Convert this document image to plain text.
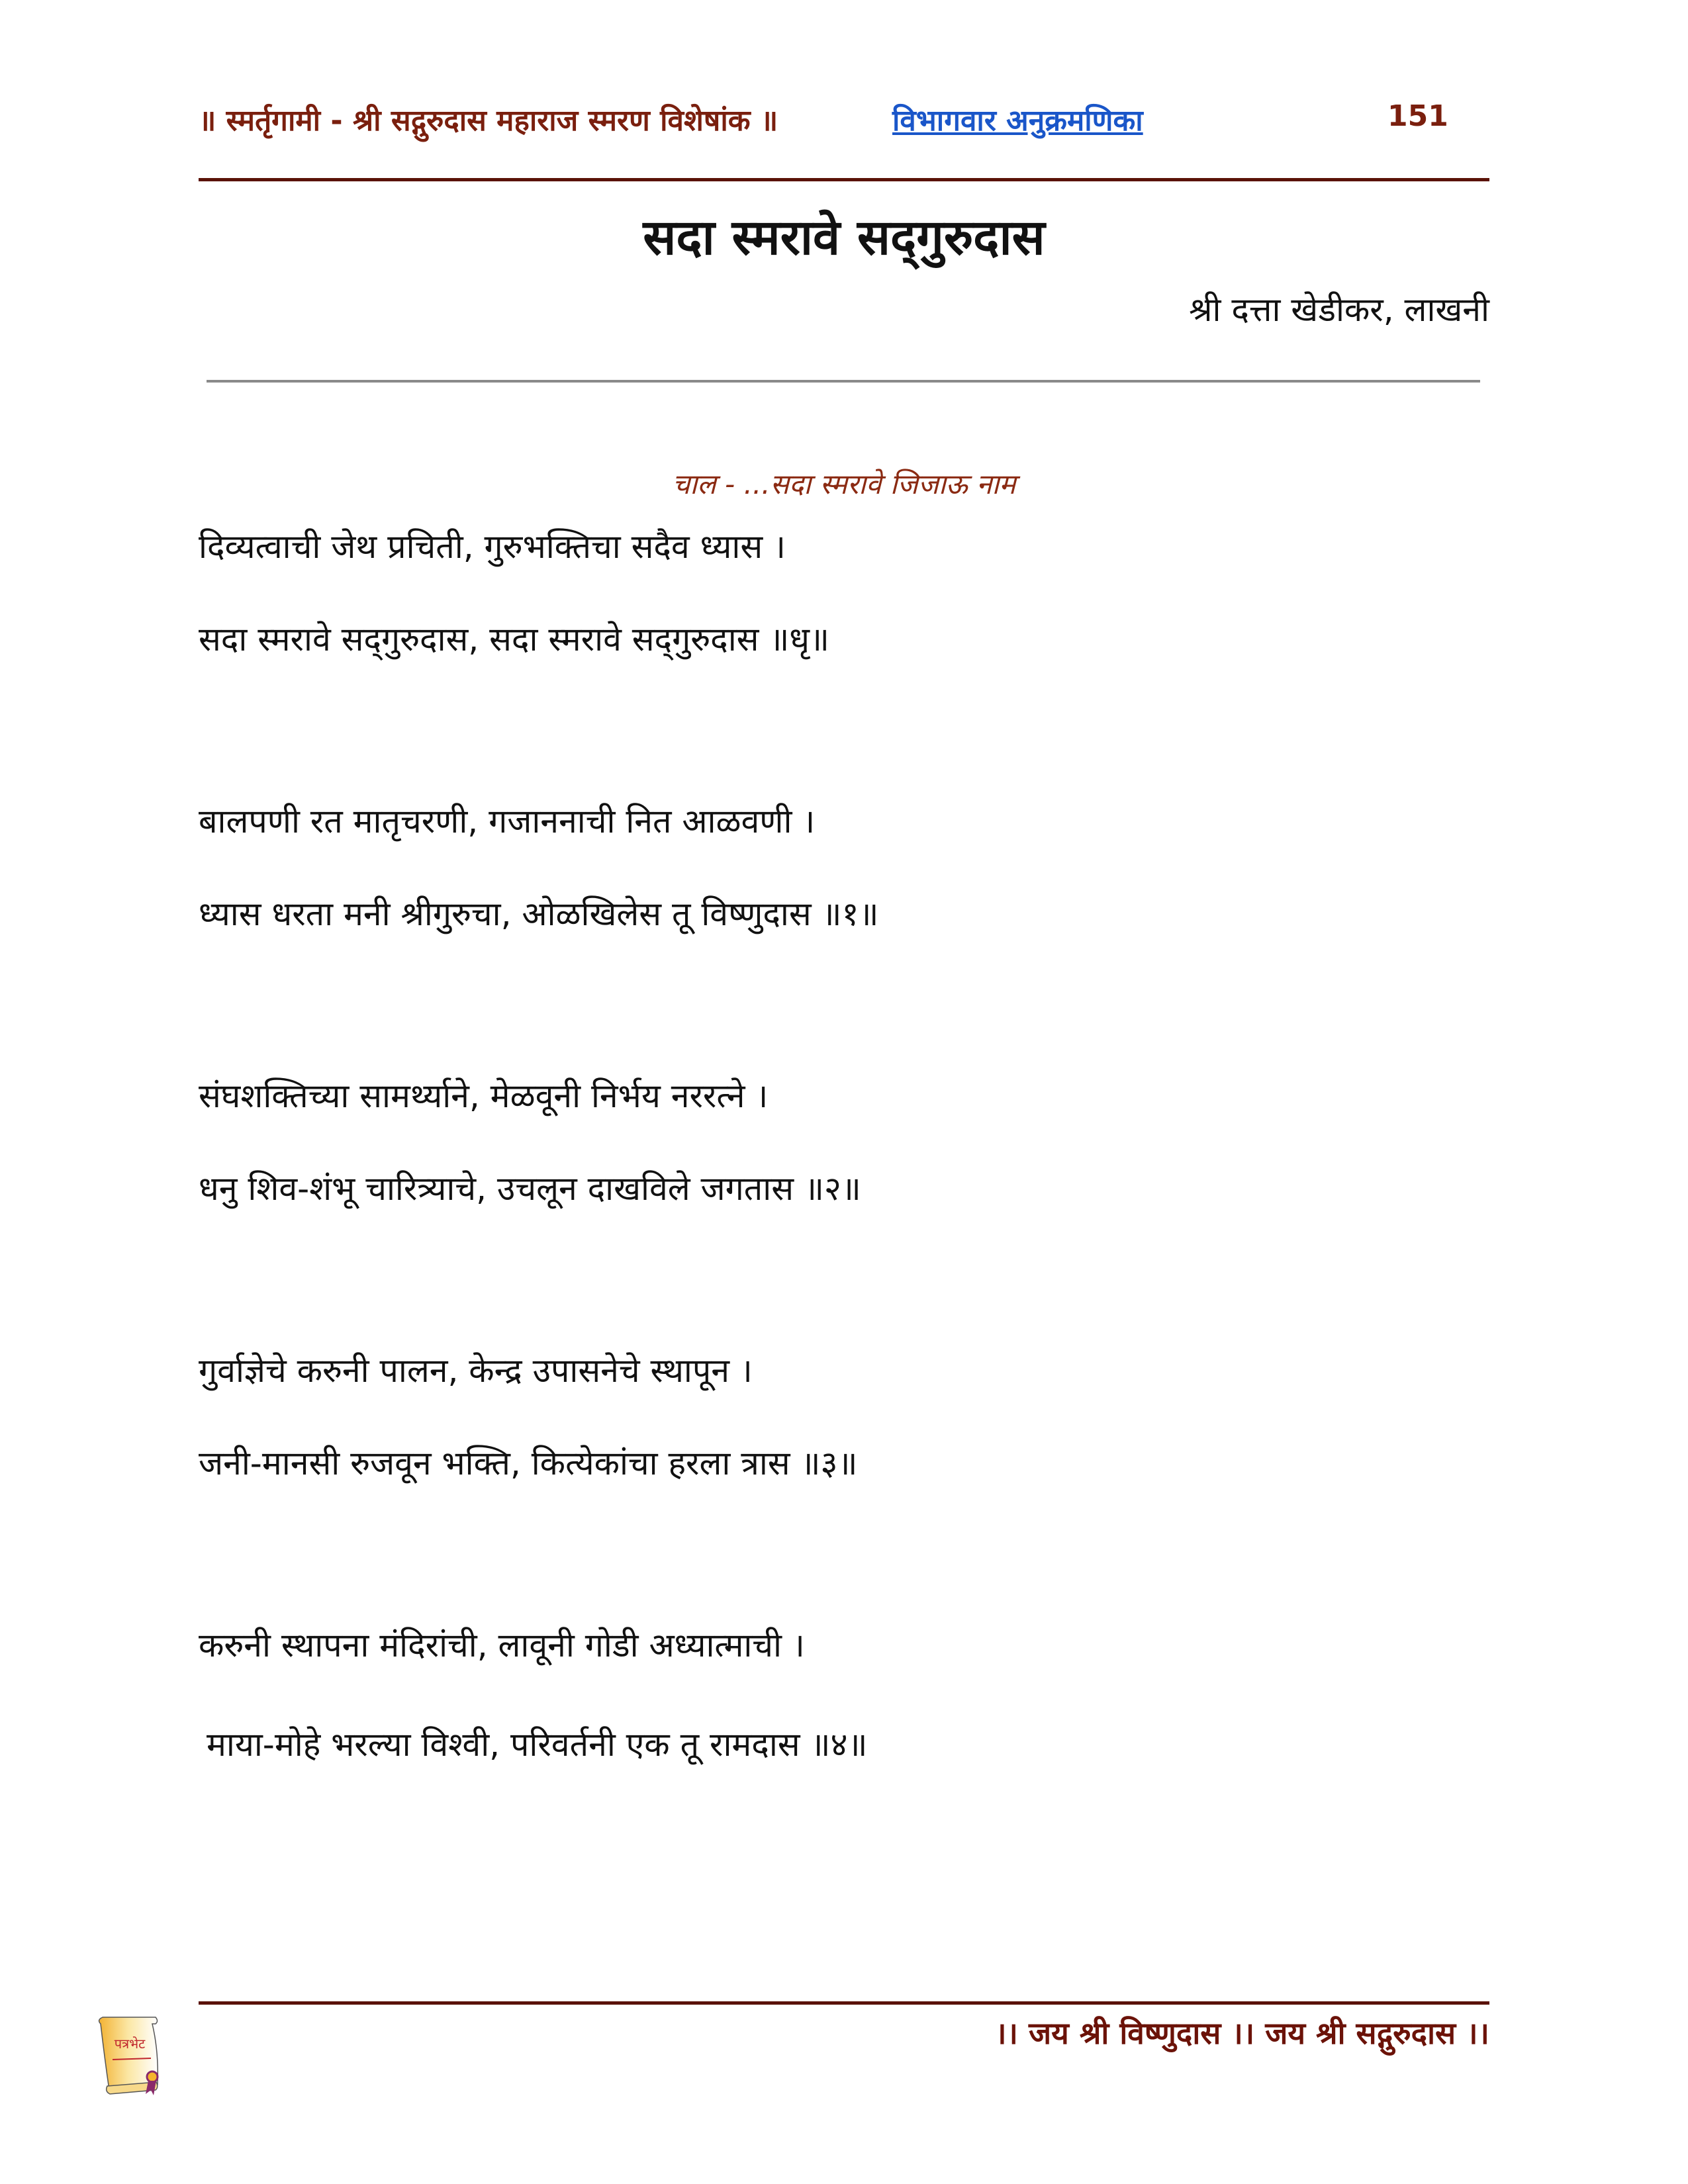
॥ स्मर्तृगामी - श्री सद्गुरुदास महाराज स्मरण विशेषांक ॥	विभागवार अनुक्रमणिका	151
सदा स्मरावे सद्‍गुरुदास
श्री दत्ता खेडीकर, लाखनी
चाल - ...सदा स्मरावे जिजाऊ नाम
दिव्यत्वाची जेथ प्रचिती, गुरुभक्तिचा सदैव ध्यास ।
सदा स्मरावे सद्‍गुरुदास, सदा स्मरावे सद्‍गुरुदास ॥धृ॥
बालपणी रत मातृचरणी, गजाननाची नित आळवणी ।
ध्यास धरता मनी श्रीगुरुचा, ओळखिलेस तू विष्णुदास ॥१॥
संघशक्तिच्या सामर्थ्याने, मेळवूनी निर्भय नररत्ने ।
धनु शिव-शंभू चारित्र्याचे, उचलून दाखविले जगतास ॥२॥
गुर्वाज्ञेचे करुनी पालन, केन्द्र उपासनेचे स्थापून ।
जनी-मानसी रुजवून भक्ति, कित्येकांचा हरला त्रास ॥३॥
करुनी स्थापना मंदिरांची, लावूनी गोडी अध्यात्माची ।
माया-मोहे भरल्या विश्वी, परिवर्तनी एक तू रामदास ॥४॥
।। जय श्री विष्णुदास ।। जय श्री सद्गुरुदास ।।
पत्रभेट
